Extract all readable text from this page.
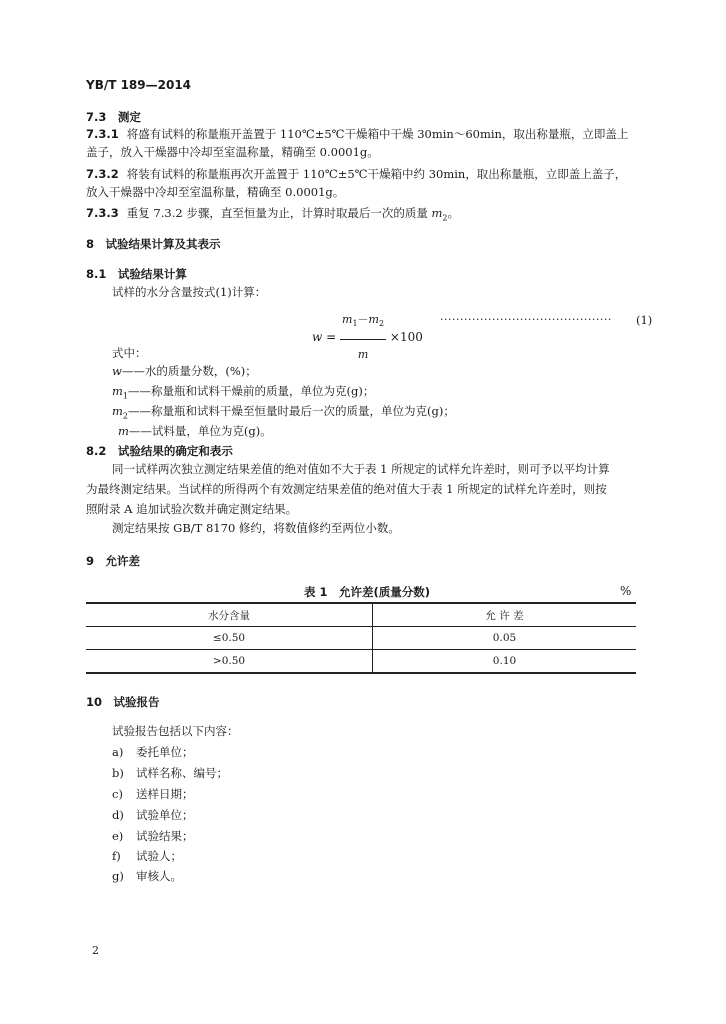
YB/T 189—2014
7.3　测定
7.3.1 将盛有试料的称量瓶开盖置于 110℃±5℃干燥箱中干燥 30min～60min，取出称量瓶，立即盖上
盖子，放入干燥器中冷却至室温称量，精确至 0.0001g。
7.3.2 将装有试料的称量瓶再次开盖置于 110℃±5℃干燥箱中约 30min，取出称量瓶，立即盖上盖子，
放入干燥器中冷却至室温称量，精确至 0.0001g。
7.3.3 重复 7.3.2 步骤，直至恒量为止，计算时取最后一次的质量 $m_2$。
8　试验结果计算及其表示
8.1　试验结果计算
试样的水分含量按式(1)计算：
$w = \frac{m_1-m_2}{m} \times 100$
··········································· (1)
式中：
w——水的质量分数，(%)；
$m_1——$称量瓶和试料干燥前的质量，单位为克(g)；
$m_2——$称量瓶和试料干燥至恒量时最后一次的质量，单位为克(g)；
m——试料量，单位为克(g)。
8.2　试验结果的确定和表示
同一试样两次独立测定结果差值的绝对值如不大于表 1 所规定的试样允许差时，则可予以平均计算
为最终测定结果。当试样的所得两个有效测定结果差值的绝对值大于表 1 所规定的试样允许差时，则按
照附录 A 追加试验次数并确定测定结果。
测定结果按 GB/T 8170 修约，将数值修约至两位小数。
9　允许差
表 1　允许差(质量分数)	%
水分含量	允 许 差
≤0.50	0.05
>0.50	0.10
10　试验报告
试验报告包括以下内容：
a) 委托单位；
b) 试样名称、编号；
c) 送样日期；
d) 试验单位；
e) 试验结果；
f) 试验人；
g) 审核人。
2
